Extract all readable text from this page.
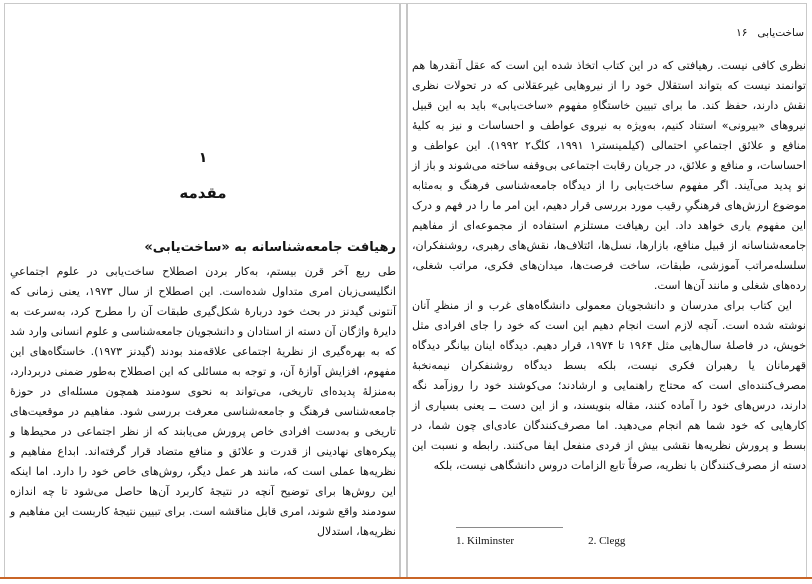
۱
مقدمه
رهیافت جامعه‌شناسانه به «ساخت‌یابی»
طی ربع آخر قرن بیستم، به‌کار بردن اصطلاح ساخت‌یابی در علوم اجتماعیِ انگلیسی‌زبان امری متداول شده‌است. این اصطلاح از سال ۱۹۷۳، یعنی زمانی که آنتونی گیدنز در بحث خود دربارهٔ شکل‌گیری طبقات آن را مطرح کرد، به‌سرعت به دایرهٔ واژگان آن دسته از استادان و دانشجویان جامعه‌شناسی و علوم انسانی وارد شد که به بهره‌گیری از نظریهٔ اجتماعی علاقه‌مند بودند (گیدنز ۱۹۷۳). خاستگاه‌های این مفهوم، افزایش آوازهٔ آن، و توجه به مسائلی که این اصطلاح به‌طور ضمنی دربردارد، به‌منزلهٔ پدیده‌ای تاریخی، می‌تواند به نحوی سودمند همچون مسئله‌ای در حوزهٔ جامعه‌شناسی فرهنگ و جامعه‌شناسی معرفت بررسی شود. مفاهیم در موقعیت‌های تاریخی و به‌دست افرادی خاص پرورش می‌یابند که از نظر اجتماعی در محیط‌ها و پیکره‌های نهادینی از قدرت و علائق و منافع متضاد قرار گرفته‌اند. ابداع مفاهیم و نظریه‌ها عملی است که، مانند هر عمل دیگر، روش‌های خاص خود را دارد. اما اینکه این روش‌ها برای توضیح آنچه در نتیجهٔ کاربرد آن‌ها حاصل می‌شود تا چه اندازه سودمند واقع شوند، امری قابل مناقشه است. برای تبیین نتیجهٔ کاربست این مفاهیم و نظریه‌ها، استدلال
۱۶ ساخت‌یابی
نظری کافی نیست. رهیافتی که در این کتاب اتخاذ شده این است که عقل آنقدرها هم توانمند نیست که بتواند استقلال خود را از نیروهایی غیرعقلانی که در تحولات نظری نقش دارند، حفظ کند. ما برای تبیین خاستگاهِ مفهوم «ساخت‌یابی» باید به این قبیل نیروهای «بیرونی» استناد کنیم، به‌ویژه به نیروی عواطف و احساسات و نیز به کلیهٔ منافع و علائق اجتماعیِ احتمالی (کیلمینستر۱ ۱۹۹۱، کلگ۲ ۱۹۹۲). این عواطف و احساسات، و منافع و علائق، در جریان رقابت اجتماعی بی‌وقفه ساخته می‌شوند و باز از نو پدید می‌آیند. اگر مفهوم ساخت‌یابی را از دیدگاه جامعه‌شناسی فرهنگ و به‌مثابه موضوع ارزش‌های فرهنگیِ رقیب مورد بررسی قرار دهیم، این امر ما را در فهم و درک این مفهوم یاری خواهد داد. این رهیافت مستلزم استفاده از مجموعه‌ای از مفاهیم جامعه‌شناسانه از قبیل منافع، بازارها، نسل‌ها، ائتلاف‌ها، نقش‌های رهبری، روشنفکران، سلسله‌مراتب آموزشی، طبقات، ساخت فرصت‌ها، میدان‌های فکری، مراتب شغلی، رده‌های شغلی و مانند آن‌ها است.
این کتاب برای مدرسان و دانشجویان معمولی دانشگاه‌های غرب و از منظرِ آنان نوشته شده است. آنچه لازم است انجام دهیم این است که خود را جای افرادی مثل خویش، در فاصلهٔ سال‌هایی مثل ۱۹۶۴ تا ۱۹۷۴، قرار دهیم. دیدگاه اینان بیانگر دیدگاه قهرمانان یا رهبران فکری نیست، بلکه بسط دیدگاه روشنفکران نیمه‌نخبهٔ مصرف‌کننده‌ای است که محتاج راهنمایی و ارشادند؛ می‌کوشند خود را روزآمد نگه دارند، درس‌های خود را آماده کنند، مقاله بنویسند، و از این دست ــ یعنی بسیاری از کارهایی که خود شما هم انجام می‌دهید. اما مصرف‌کنندگان عادی‌ای چون شما، در بسط و پرورش نظریه‌ها نقشی بیش از فردی منفعل ایفا می‌کنند. رابطه و نسبت این دسته از مصرف‌کنندگان با نظریه، صرفاً تابع الزامات دروس دانشگاهی نیست، بلکه
1. Kilminster	2. Clegg
